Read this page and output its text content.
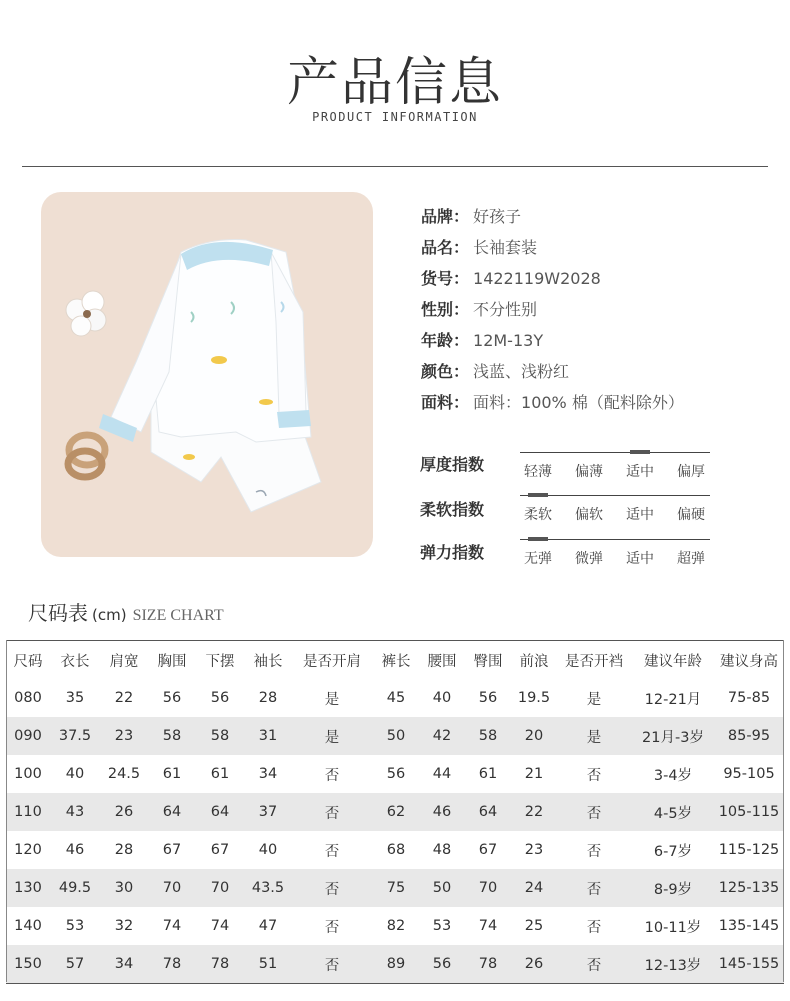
产品信息
PRODUCT INFORMATION
品牌： 好孩子
品名： 长袖套装
货号： 1422119W2028
性别： 不分性别
年龄： 12M-13Y
颜色： 浅蓝、浅粉红
面料： 面料：100% 棉（配料除外）
厚度指数	轻薄	偏薄	适中	偏厚
柔软指数	柔软	偏软	适中	偏硬
弹力指数	无弹	微弹	适中	超弹
尺码表 (cm) SIZE CHART
尺码	衣长	肩宽	胸围	下摆	袖长	是否开肩	裤长	腰围	臀围	前浪	是否开裆	建议年龄	建议身高
080	35	22	56	56	28	是	45	40	56	19.5	是	12-21月	75-85
090	37.5	23	58	58	31	是	50	42	58	20	是	21月-3岁	85-95
100	40	24.5	61	61	34	否	56	44	61	21	否	3-4岁	95-105
110	43	26	64	64	37	否	62	46	64	22	否	4-5岁	105-115
120	46	28	67	67	40	否	68	48	67	23	否	6-7岁	115-125
130	49.5	30	70	70	43.5	否	75	50	70	24	否	8-9岁	125-135
140	53	32	74	74	47	否	82	53	74	25	否	10-11岁	135-145
150	57	34	78	78	51	否	89	56	78	26	否	12-13岁	145-155
